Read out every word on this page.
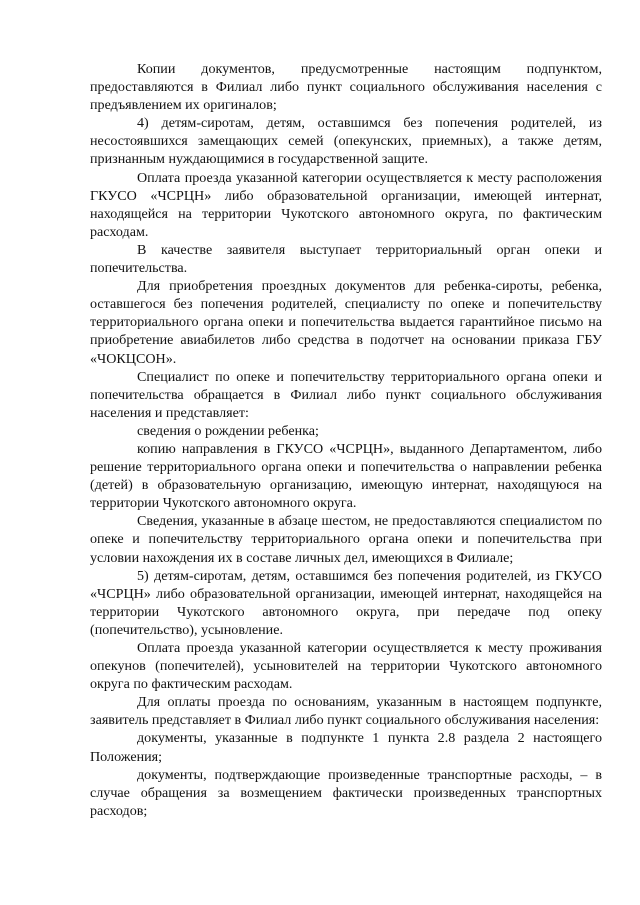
Копии документов, предусмотренные настоящим подпунктом, предоставляются в Филиал либо пункт социального обслуживания населения с предъявлением их оригиналов;

4) детям-сиротам, детям, оставшимся без попечения родителей, из несостоявшихся замещающих семей (опекунских, приемных), а также детям, признанным нуждающимися в государственной защите.

Оплата проезда указанной категории осуществляется к месту расположения ГКУСО «ЧСРЦН» либо образовательной организации, имеющей интернат, находящейся на территории Чукотского автономного округа, по фактическим расходам.

В качестве заявителя выступает территориальный орган опеки и попечительства.

Для приобретения проездных документов для ребенка-сироты, ребенка, оставшегося без попечения родителей, специалисту по опеке и попечительству территориального органа опеки и попечительства выдается гарантийное письмо на приобретение авиабилетов либо средства в подотчет на основании приказа ГБУ «ЧОКЦСОН».

Специалист по опеке и попечительству территориального органа опеки и попечительства обращается в Филиал либо пункт социального обслуживания населения и представляет:

сведения о рождении ребенка;

копию направления в ГКУСО «ЧСРЦН», выданного Департаментом, либо решение территориального органа опеки и попечительства о направлении ребенка (детей) в образовательную организацию, имеющую интернат, находящуюся на территории Чукотского автономного округа.

Сведения, указанные в абзаце шестом, не предоставляются специалистом по опеке и попечительству территориального органа опеки и попечительства при условии нахождения их в составе личных дел, имеющихся в Филиале;

5) детям-сиротам, детям, оставшимся без попечения родителей, из ГКУСО «ЧСРЦН» либо образовательной организации, имеющей интернат, находящейся на территории Чукотского автономного округа, при передаче под опеку (попечительство), усыновление.

Оплата проезда указанной категории осуществляется к месту проживания опекунов (попечителей), усыновителей на территории Чукотского автономного округа по фактическим расходам.

Для оплаты проезда по основаниям, указанным в настоящем подпункте, заявитель представляет в Филиал либо пункт социального обслуживания населения:

документы, указанные в подпункте 1 пункта 2.8 раздела 2 настоящего Положения;

документы, подтверждающие произведенные транспортные расходы, – в случае обращения за возмещением фактически произведенных транспортных расходов;
